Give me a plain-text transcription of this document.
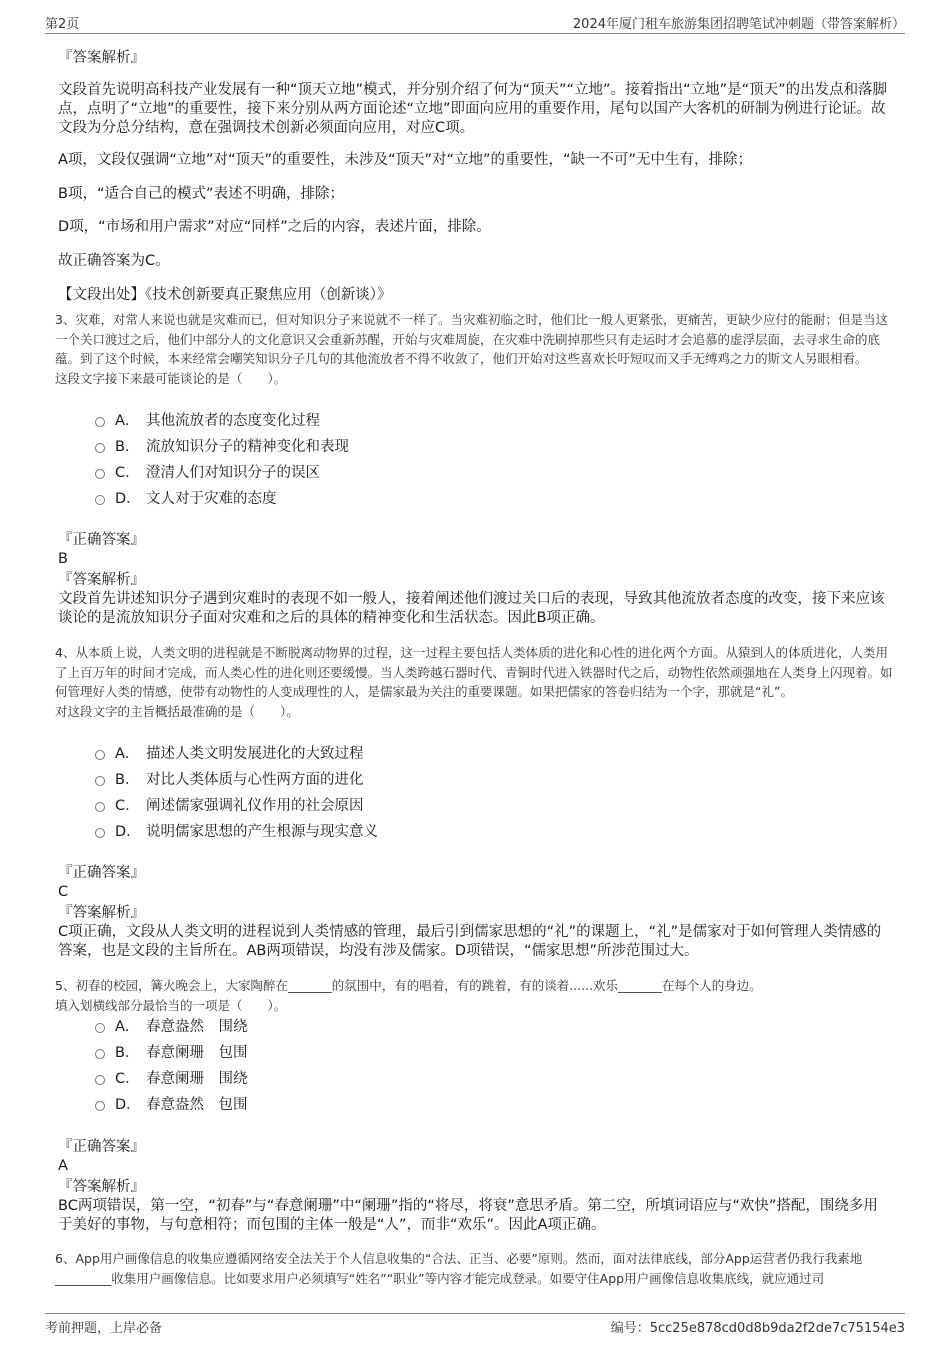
第2页	2024年厦门租车旅游集团招聘笔试冲刺题（带答案解析）
『答案解析』
文段首先说明高科技产业发展有一种“顶天立地”模式，并分别介绍了何为“顶天”“立地”。接着指出“立地”是“顶天”的出发点和落脚点，点明了“立地”的重要性，接下来分别从两方面论述“立地”即面向应用的重要作用，尾句以国产大客机的研制为例进行论证。故文段为分总分结构，意在强调技术创新必须面向应用，对应C项。
A项，文段仅强调“立地”对“顶天”的重要性，未涉及“顶天”对“立地”的重要性，“缺一不可”无中生有，排除；
B项，“适合自己的模式”表述不明确，排除；
D项，“市场和用户需求”对应“同样”之后的内容，表述片面，排除。
故正确答案为C。
【文段出处】《技术创新要真正聚焦应用（创新谈）》
3、灾难，对常人来说也就是灾难而已，但对知识分子来说就不一样了。当灾难初临之时，他们比一般人更紧张，更痛苦，更缺少应付的能耐；但是当这一个关口渡过之后，他们中部分人的文化意识又会重新苏醒，开始与灾难周旋，在灾难中洗刷掉那些只有走运时才会追慕的虚浮层面，去寻求生命的底蕴。到了这个时候，本来经常会嘲笑知识分子几句的其他流放者不得不收敛了，他们开始对这些喜欢长吁短叹而又手无缚鸡之力的斯文人另眼相看。
这段文字接下来最可能谈论的是（　　）。
A． 其他流放者的态度变化过程
B． 流放知识分子的精神变化和表现
C． 澄清人们对知识分子的误区
D． 文人对于灾难的态度
『正确答案』
B
『答案解析』
文段首先讲述知识分子遇到灾难时的表现不如一般人，接着阐述他们渡过关口后的表现，导致其他流放者态度的改变，接下来应该谈论的是流放知识分子面对灾难和之后的具体的精神变化和生活状态。因此B项正确。
4、从本质上说，人类文明的进程就是不断脱离动物界的过程，这一过程主要包括人类体质的进化和心性的进化两个方面。从猿到人的体质进化，人类用了上百万年的时间才完成，而人类心性的进化则还要缓慢。当人类跨越石器时代、青铜时代进入铁器时代之后，动物性依然顽强地在人类身上闪现着。如何管理好人类的情感，使带有动物性的人变成理性的人，是儒家最为关注的重要课题。如果把儒家的答卷归结为一个字，那就是“礼”。
对这段文字的主旨概括最准确的是（　　）。
A． 描述人类文明发展进化的大致过程
B． 对比人类体质与心性两方面的进化
C． 阐述儒家强调礼仪作用的社会原因
D． 说明儒家思想的产生根源与现实意义
『正确答案』
C
『答案解析』
C项正确，文段从人类文明的进程说到人类情感的管理，最后引到儒家思想的“礼”的课题上，“礼”是儒家对于如何管理人类情感的答案，也是文段的主旨所在。AB两项错误，均没有涉及儒家。D项错误，“儒家思想”所涉范围过大。
5、初春的校园，篝火晚会上，大家陶醉在_______的氛围中，有的唱着，有的跳着，有的谈着......欢乐_______在每个人的身边。
填入划横线部分最恰当的一项是（　　）。
A． 春意盎然　围绕
B． 春意阑珊　包围
C． 春意阑珊　围绕
D． 春意盎然　包围
『正确答案』
A
『答案解析』
BC两项错误，第一空，“初春”与“春意阑珊”中“阑珊”指的“将尽，将衰”意思矛盾。第二空，所填词语应与“欢快”搭配，围绕多用于美好的事物，与句意相符；而包围的主体一般是“人”，而非“欢乐”。因此A项正确。
6、App用户画像信息的收集应遵循网络安全法关于个人信息收集的“合法、正当、必要”原则。然而，面对法律底线，部分App运营者仍我行我素地 _________收集用户画像信息。比如要求用户必须填写“姓名”“职业”等内容才能完成登录。如要守住App用户画像信息收集底线，就应通过司
考前押题，上岸必备	编号：5cc25e878cd0d8b9da2f2de7c75154e3
